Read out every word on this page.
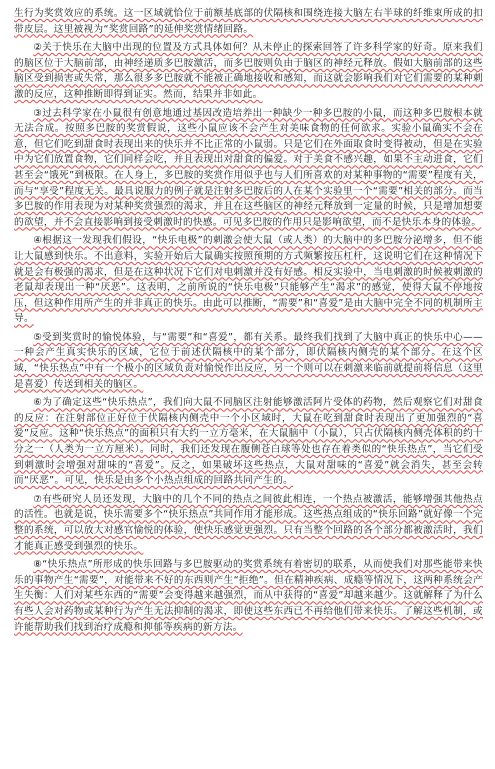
生行为奖赏效应的系统。这一区域就恰位于前额基底部的伏隔核和围绕连接大脑左右半球的纤维束所成的扣带皮层。这里被视为“奖赏回路”的延伸奖赏情绪回路。

②关于快乐在大脑中出现的位置及方式具体如何？从未停止的探索回答了许多科学家的好奇。原来我们的脑区位于大脑前部，由神经递质多巴胺激活，而多巴胺则负由于脑区的神经元释放。假如大脑前部的这些脑区受到损害或失常，那么很多多巴胺就不能被正确地接收和感知，而这就会影响我们对它们需要的某种刺激的反应，这种推断即得到证实。然而，结果并非如此。

③过去科学家在小鼠很有创意地通过基因改造培养出一种缺少一种多巴胺的小鼠，而这种多巴胺根本就无法合成。按照多巴胺的奖赏假说，这些小鼠应该不会产生对美味食物的任何欲求。实验小鼠确实不会在意，但它们吃到甜食时表现出来的快乐并不比正常的小鼠弱。只是它们在外面取食时变得被动，但是在实验中为它们放置食物，它们同样会吃，并且表现出对甜食的偏爱。对于美食不感兴趣，如果不主动进食，它们甚至会“饿死”到极限。在人身上，多巴胺的奖赏作用似乎也与人们所喜欢的对某种事物的“需要”程度有关，而与“享受”程度无关。最具说服力的例子就是注射多巴胺后的人在某个实验里一个“需要”相关的部分。而当多巴胺的作用表现为对某种奖赏强烈的渴求，并且在这些脑区的神经元释放到一定量的时候，只是增加想要的欲望，并不会直接影响到接受刺激时的快感。可见多巴胺的作用只是影响欲望，而不是快乐本身的体验。

④根据这一发现我们假设，“快乐电极”的刺激会使大鼠（或人类）的大脑中的多巴胺分泌增多，但不能让大鼠感到快乐。不出意料，实验开始后大鼠确实按照预期的方式频繁按压杠杆，这说明它们在这种情况下就是会有极强的渴求，但是在这种状况下它们对电刺激并没有好感。相反实验中，当电刺激的时候被刺激的老鼠却表现出一种“厌恶”。这表明，之前所说的“快乐电极”只能够产生“渴求”的感觉，使得大鼠不停地按压，但这种作用所产生的并非真正的快乐。由此可以推断，“需要”和“喜爱”是由大脑中完全不同的机制所主导。

⑤受到奖赏时的愉悦体验，与“需要”和“喜爱”，都有关系。最终我们找到了大脑中真正的快乐中心——一种会产生真实快乐的区域，它位于前述伏隔核中的某个部分，即伏隔核内侧壳的某个部分。在这个区域，“快乐热点”中有一个极小的区域负责对愉悦作出反应，另一个则可以在刺激来临前就提前将信息（这里是喜爱）传送到相关的脑区。

⑥为了确定这些“快乐热点”，我们向大鼠不同脑区注射能够激活阿片受体的药物，然后观察它们对甜食的反应：在注射部位正好位于伏隔核内侧壳中一个小区域时，大鼠在吃到甜食时表现出了更加强烈的“喜爱”反应。这种“快乐热点”的面积只有大约一立方毫米，在大鼠脑中（小鼠），只占伏隔核内侧壳体积的约十分之一（人类为一立方厘米）。同时，我们还发现在腹侧苍白球等处也存在着类似的“快乐热点”，当它们受到刺激时会增强对甜味的“喜爱”。反之，如果破坏这些热点，大鼠对甜味的“喜爱”就会消失，甚至会转而“厌恶”。可见，快乐是由多个小热点组成的回路共同产生的。

⑦有些研究人员还发现，大脑中的几个不同的热点之间彼此相连，一个热点被激活，能够增强其他热点的活性。也就是说，快乐需要多个“快乐热点”共同作用才能形成。这些热点组成的“快乐回路”就好像一个完整的系统，可以放大对感官愉悦的体验，使快乐感觉更强烈。只有当整个回路的各个部分都被激活时，我们才能真正感受到强烈的快乐。

⑧“快乐热点”所形成的快乐回路与多巴胺驱动的奖赏系统有着密切的联系，从而使我们对那些能带来快乐的事物产生“需要”，对能带来不好的东西则产生“拒绝”。但在精神疾病、成瘾等情况下，这两种系统会产生失衡：人们对某些东西的“需要”会变得越来越强烈，而从中获得的“喜爱”却越来越少。这就解释了为什么有些人会对药物或某种行为产生无法抑制的渴求，即使这些东西已不再给他们带来快乐。了解这些机制，或许能帮助我们找到治疗成瘾和抑郁等疾病的新方法。
